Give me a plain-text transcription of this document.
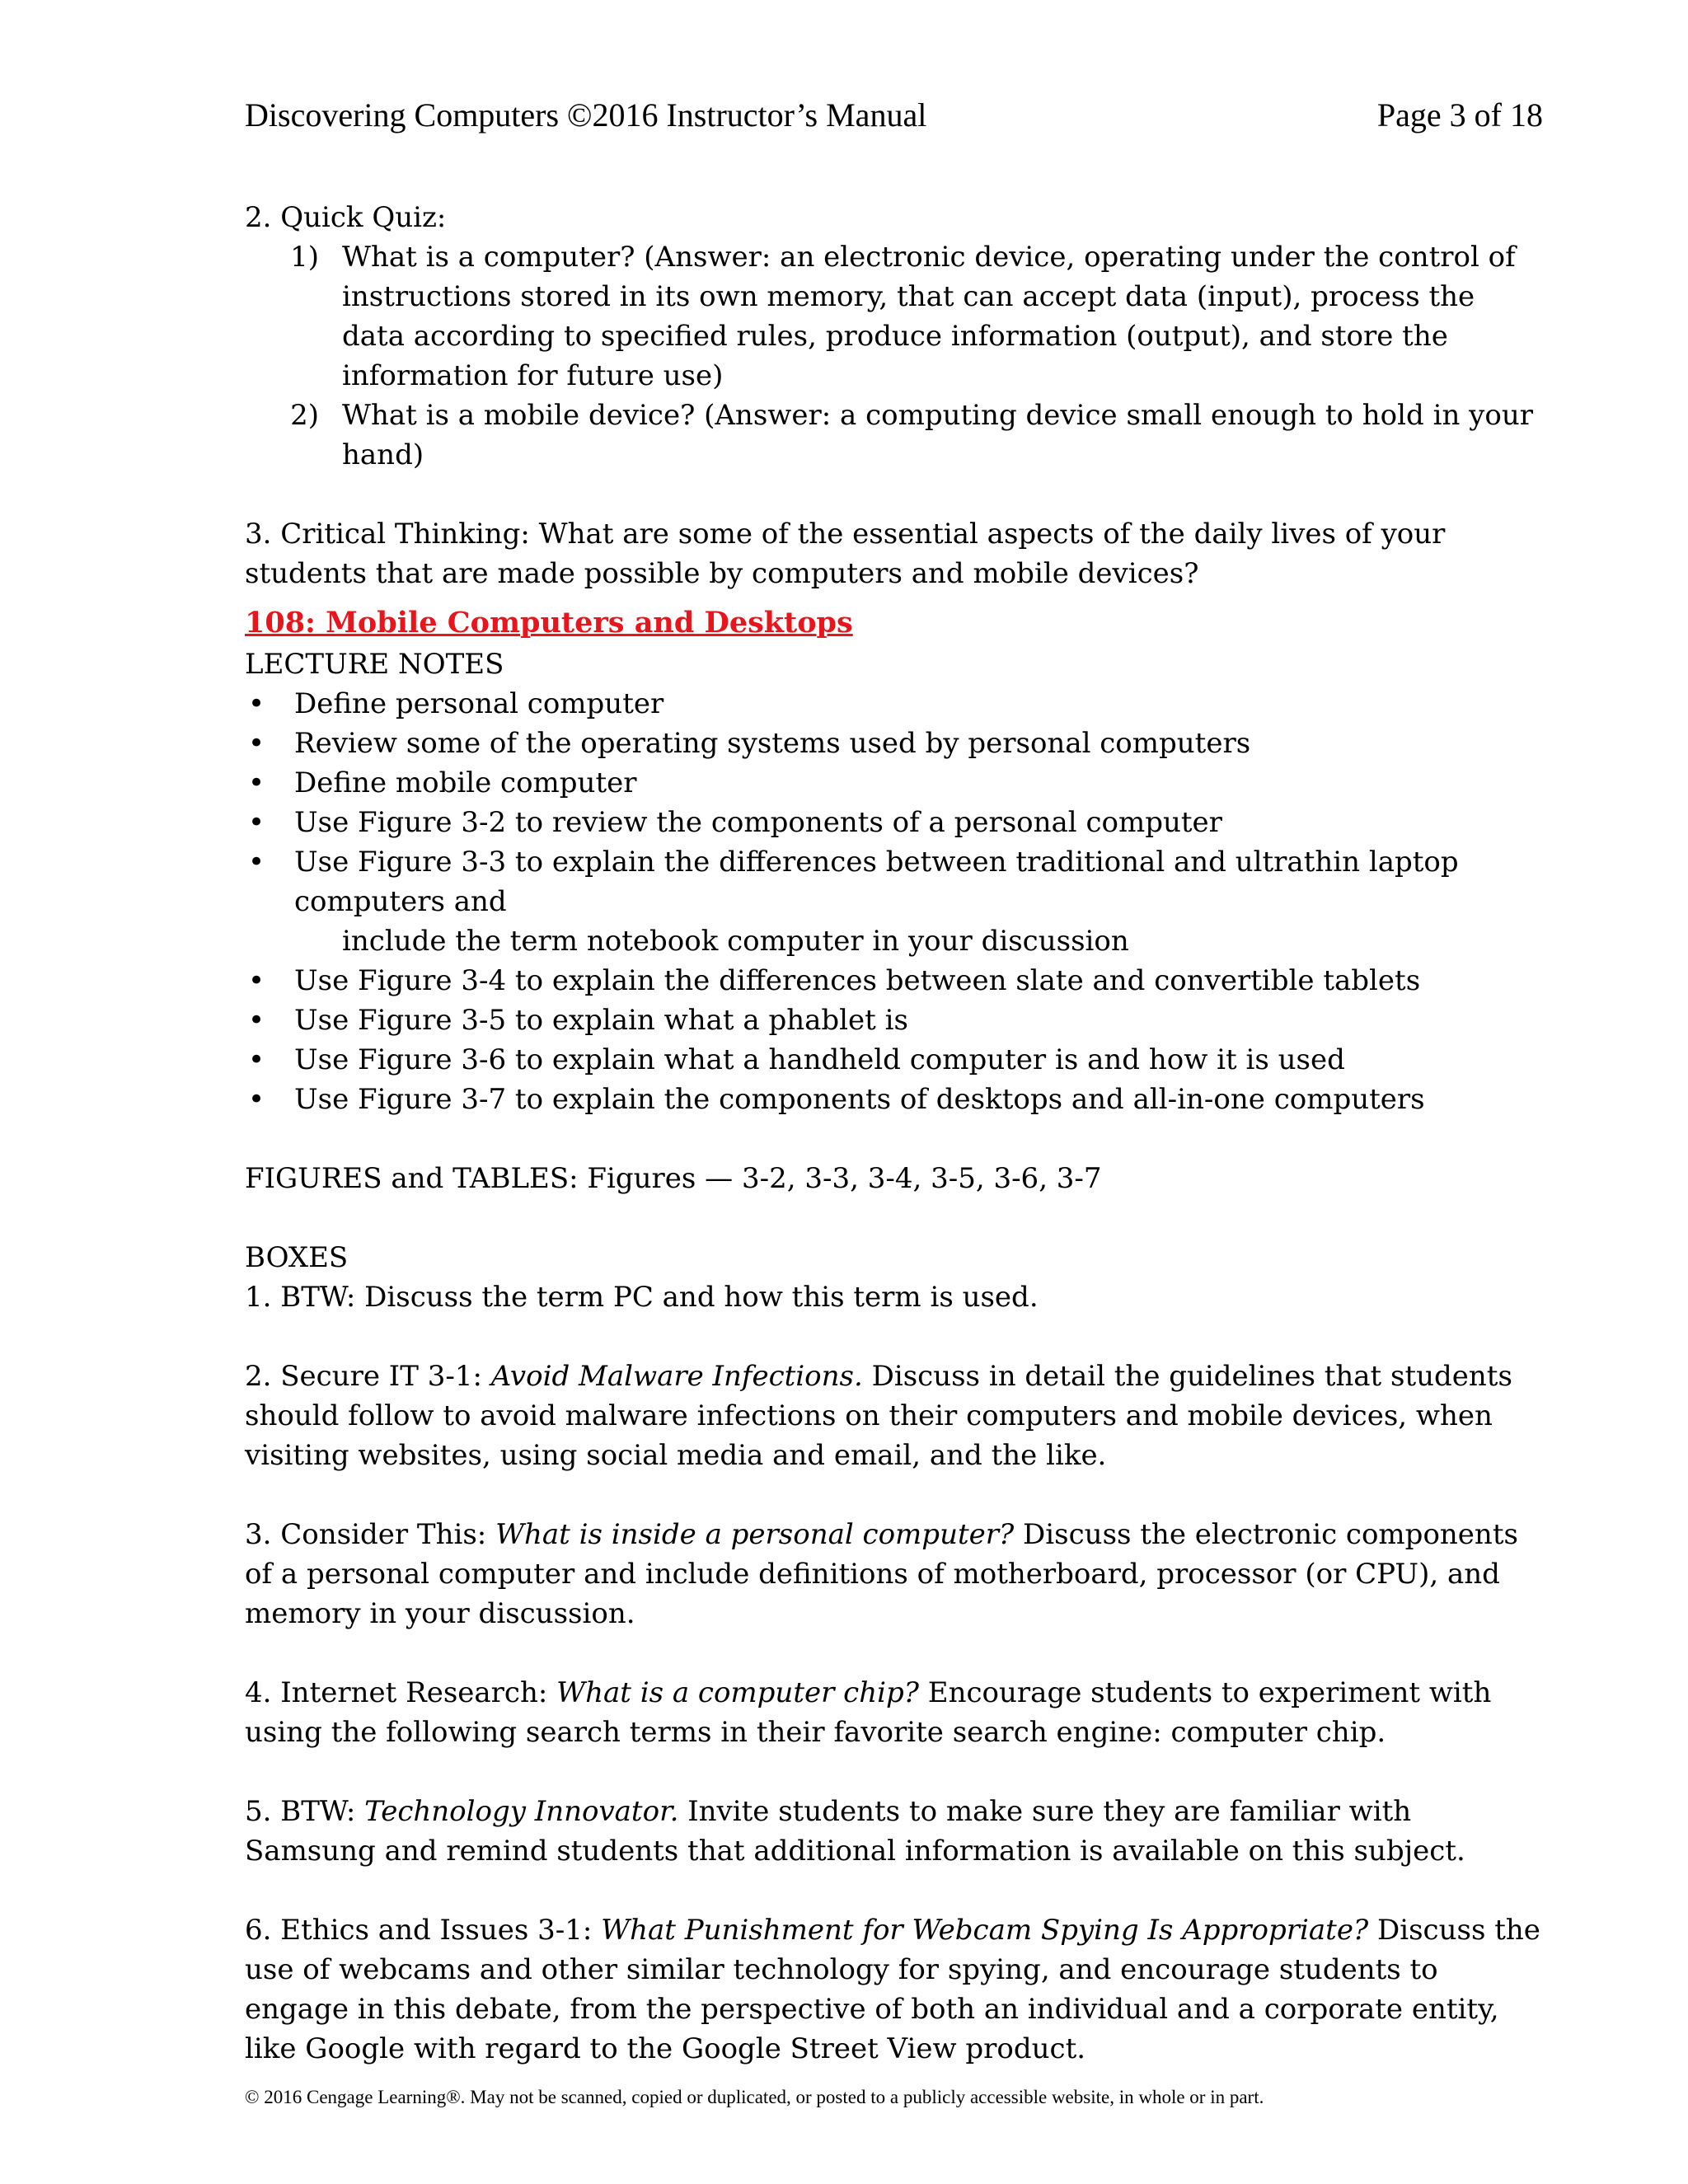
Discovering Computers ©2016 Instructor’s Manual	Page 3 of 18

2. Quick Quiz:

1) What is a computer? (Answer: an electronic device, operating under the control of instructions stored in its own memory, that can accept data (input), process the data according to specified rules, produce information (output), and store the information for future use)
2) What is a mobile device? (Answer: a computing device small enough to hold in your hand)

3. Critical Thinking: What are some of the essential aspects of the daily lives of your students that are made possible by computers and mobile devices?

108: Mobile Computers and Desktops

LECTURE NOTES

•	Define personal computer
•	Review some of the operating systems used by personal computers
•	Define mobile computer
•	Use Figure 3-2 to review the components of a personal computer
•	Use Figure 3-3 to explain the differences between traditional and ultrathin laptop computers and
include the term notebook computer in your discussion
•	Use Figure 3-4 to explain the differences between slate and convertible tablets
•	Use Figure 3-5 to explain what a phablet is
•	Use Figure 3-6 to explain what a handheld computer is and how it is used
•	Use Figure 3-7 to explain the components of desktops and all-in-one computers

FIGURES and TABLES: Figures — 3-2, 3-3, 3-4, 3-5, 3-6, 3-7

BOXES

1. BTW: Discuss the term PC and how this term is used.

2. Secure IT 3-1: Avoid Malware Infections. Discuss in detail the guidelines that students should follow to avoid malware infections on their computers and mobile devices, when visiting websites, using social media and email, and the like.

3. Consider This: What is inside a personal computer? Discuss the electronic components of a personal computer and include definitions of motherboard, processor (or CPU), and memory in your discussion.

4. Internet Research: What is a computer chip? Encourage students to experiment with using the following search terms in their favorite search engine: computer chip.

5. BTW: Technology Innovator. Invite students to make sure they are familiar with Samsung and remind students that additional information is available on this subject.

6. Ethics and Issues 3-1: What Punishment for Webcam Spying Is Appropriate? Discuss the use of webcams and other similar technology for spying, and encourage students to engage in this debate, from the perspective of both an individual and a corporate entity, like Google with regard to the Google Street View product.

© 2016 Cengage Learning®. May not be scanned, copied or duplicated, or posted to a publicly accessible website, in whole or in part.
